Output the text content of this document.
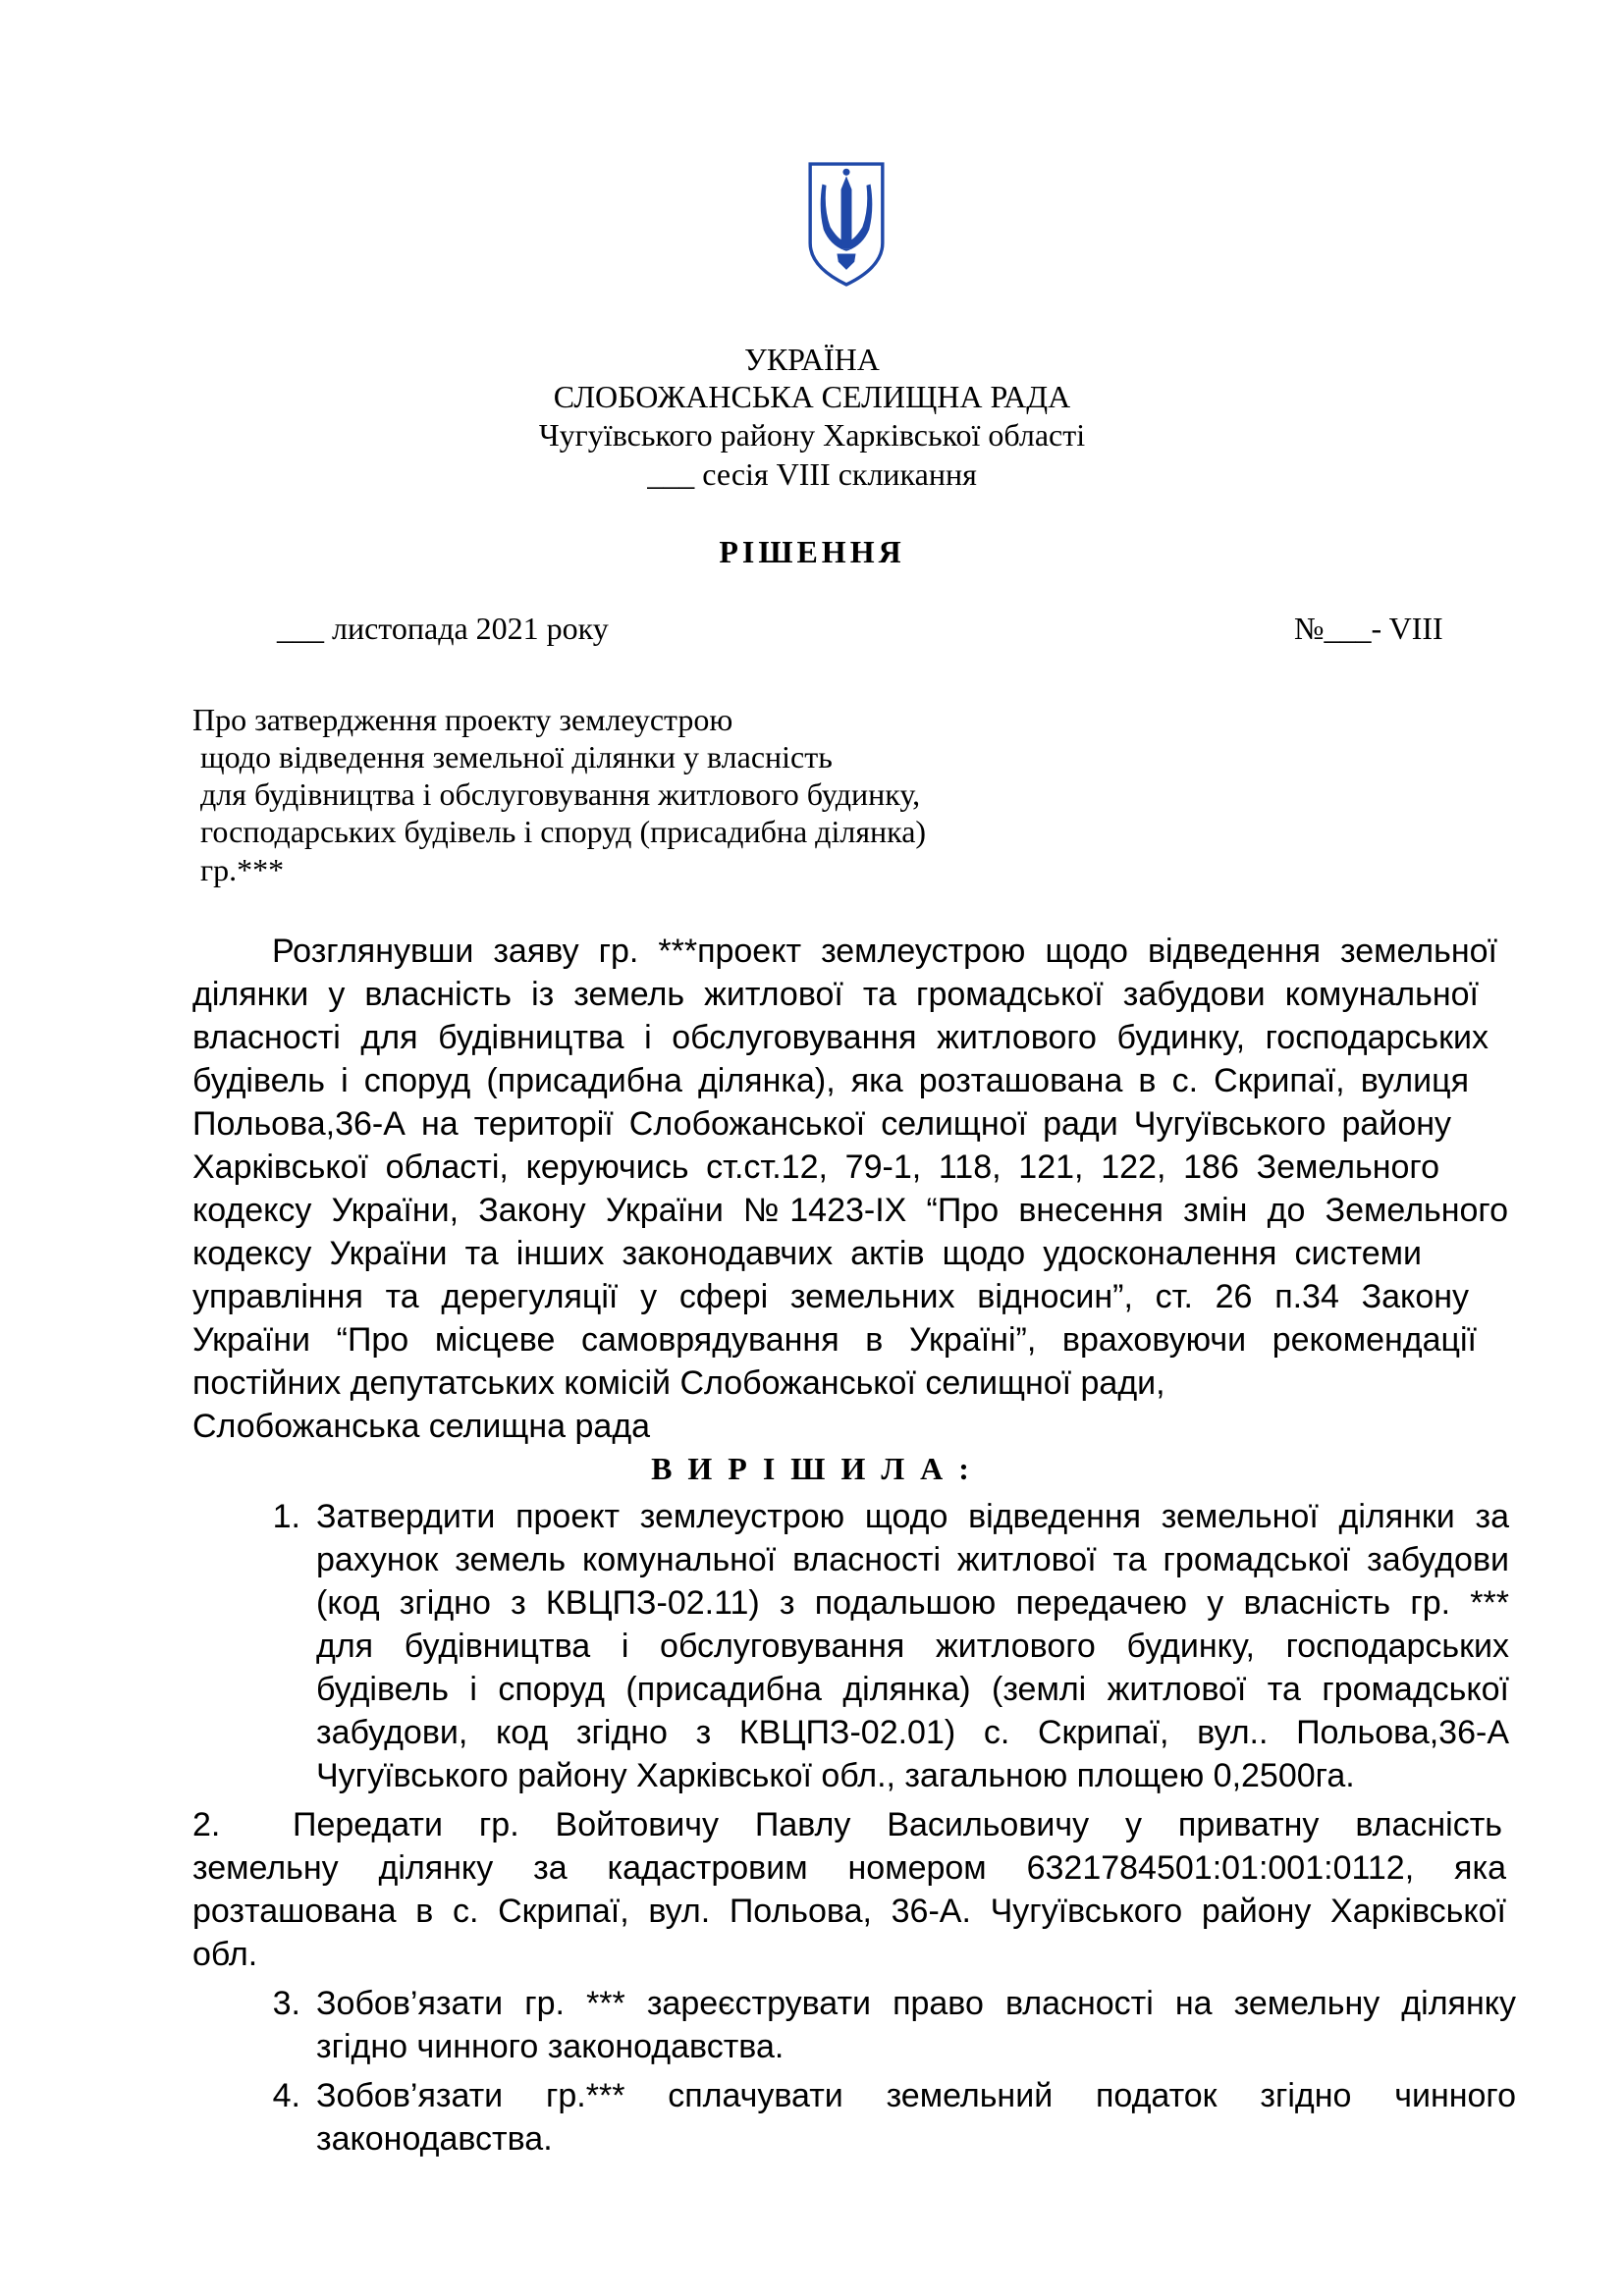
УКРАЇНА
СЛОБОЖАНСЬКА СЕЛИЩНА РАДА
Чугуївського району Харківської області
___ сесія VIII скликання
РІШЕННЯ
___ листопада 2021 року	№___- VIII
Про затвердження проекту землеустрою
щодо відведення земельної ділянки у власність
для будівництва і обслуговування житлового будинку,
господарських будівель і споруд (присадибна ділянка)
гр.***
Розглянувши заяву гр. ***проект землеустрою щодо відведення земельної
ділянки у власність із земель житлової та громадської забудови комунальної
власності для будівництва і обслуговування житлового будинку, господарських
будівель і споруд (присадибна ділянка), яка розташована в с. Скрипаї, вулиця
Польова,36-А на території Слобожанської селищної ради Чугуївського району
Харківської області, керуючись ст.ст.12, 79-1, 118, 121, 122, 186 Земельного
кодексу України, Закону України №1423-IX “Про внесення змін до Земельного
кодексу України та інших законодавчих актів щодо удосконалення системи
управління та дерегуляції у сфері земельних відносин”, ст. 26 п.34 Закону
України “Про місцеве самоврядування в Україні”, враховуючи рекомендації
постійних депутатських комісій Слобожанської селищної ради,
Слобожанська селищна рада
В И Р І Ш И Л А :
1. Затвердити проект землеустрою щодо відведення земельної ділянки за
рахунок земель комунальної власності житлової та громадської забудови
(код згідно з КВЦПЗ-02.11) з подальшою передачею у власність гр. ***
для будівництва і обслуговування житлового будинку, господарських
будівель і споруд (присадибна ділянка) (землі житлової та громадської
забудови, код згідно з КВЦПЗ-02.01) с. Скрипаї, вул.. Польова,36-А
Чугуївського району Харківської обл., загальною площею 0,2500га.
2. Передати гр. Войтовичу Павлу Васильовичу у приватну власність
земельну ділянку за кадастровим номером 6321784501:01:001:0112, яка
розташована в с. Скрипаї, вул. Польова, 36-А. Чугуївського району Харківської
обл.
3. Зобов’язати гр. *** зареєструвати право власності на земельну ділянку
згідно чинного законодавства.
4. Зобов’язати гр.*** сплачувати земельний податок згідно чинного
законодавства.
